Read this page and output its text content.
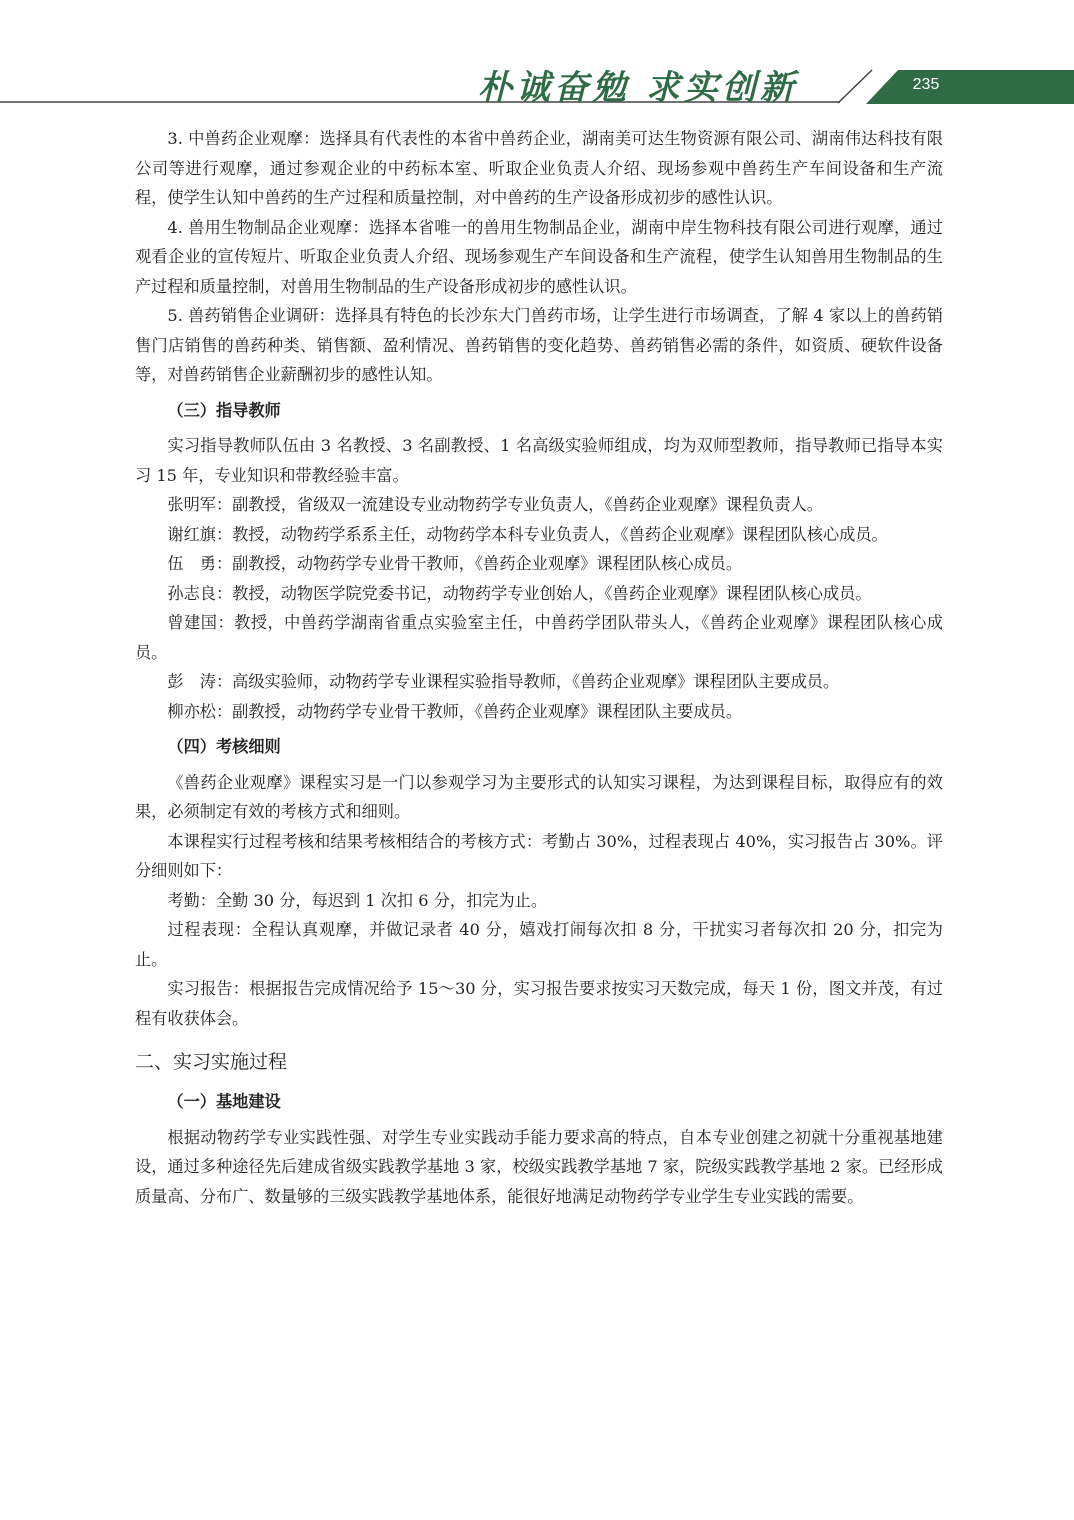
朴诚奋勉 求实创新	235

3. 中兽药企业观摩：选择具有代表性的本省中兽药企业，湖南美可达生物资源有限公司、湖南伟达科技有限公司等进行观摩，通过参观企业的中药标本室、听取企业负责人介绍、现场参观中兽药生产车间设备和生产流程，使学生认知中兽药的生产过程和质量控制，对中兽药的生产设备形成初步的感性认识。

4. 兽用生物制品企业观摩：选择本省唯一的兽用生物制品企业，湖南中岸生物科技有限公司进行观摩，通过观看企业的宣传短片、听取企业负责人介绍、现场参观生产车间设备和生产流程，使学生认知兽用生物制品的生产过程和质量控制，对兽用生物制品的生产设备形成初步的感性认识。

5. 兽药销售企业调研：选择具有特色的长沙东大门兽药市场，让学生进行市场调查，了解 4 家以上的兽药销售门店销售的兽药种类、销售额、盈利情况、兽药销售的变化趋势、兽药销售必需的条件，如资质、硬软件设备等，对兽药销售企业薪酬初步的感性认知。

（三）指导教师

实习指导教师队伍由 3 名教授、3 名副教授、1 名高级实验师组成，均为双师型教师，指导教师已指导本实习 15 年，专业知识和带教经验丰富。

张明军：副教授，省级双一流建设专业动物药学专业负责人，《兽药企业观摩》课程负责人。

谢红旗：教授，动物药学系系主任，动物药学本科专业负责人，《兽药企业观摩》课程团队核心成员。

伍　勇：副教授，动物药学专业骨干教师，《兽药企业观摩》课程团队核心成员。

孙志良：教授，动物医学院党委书记，动物药学专业创始人，《兽药企业观摩》课程团队核心成员。

曾建国：教授，中兽药学湖南省重点实验室主任，中兽药学团队带头人，《兽药企业观摩》课程团队核心成员。

彭　涛：高级实验师，动物药学专业课程实验指导教师，《兽药企业观摩》课程团队主要成员。

柳亦松：副教授，动物药学专业骨干教师，《兽药企业观摩》课程团队主要成员。

（四）考核细则

《兽药企业观摩》课程实习是一门以参观学习为主要形式的认知实习课程，为达到课程目标，取得应有的效果，必须制定有效的考核方式和细则。

本课程实行过程考核和结果考核相结合的考核方式：考勤占 30%，过程表现占 40%，实习报告占 30%。评分细则如下：

考勤：全勤 30 分，每迟到 1 次扣 6 分，扣完为止。

过程表现：全程认真观摩，并做记录者 40 分，嬉戏打闹每次扣 8 分，干扰实习者每次扣 20 分，扣完为止。

实习报告：根据报告完成情况给予 15～30 分，实习报告要求按实习天数完成，每天 1 份，图文并茂，有过程有收获体会。

二、实习实施过程
（一）基地建设

根据动物药学专业实践性强、对学生专业实践动手能力要求高的特点，自本专业创建之初就十分重视基地建设，通过多种途径先后建成省级实践教学基地 3 家，校级实践教学基地 7 家，院级实践教学基地 2 家。已经形成质量高、分布广、数量够的三级实践教学基地体系，能很好地满足动物药学专业学生专业实践的需要。
